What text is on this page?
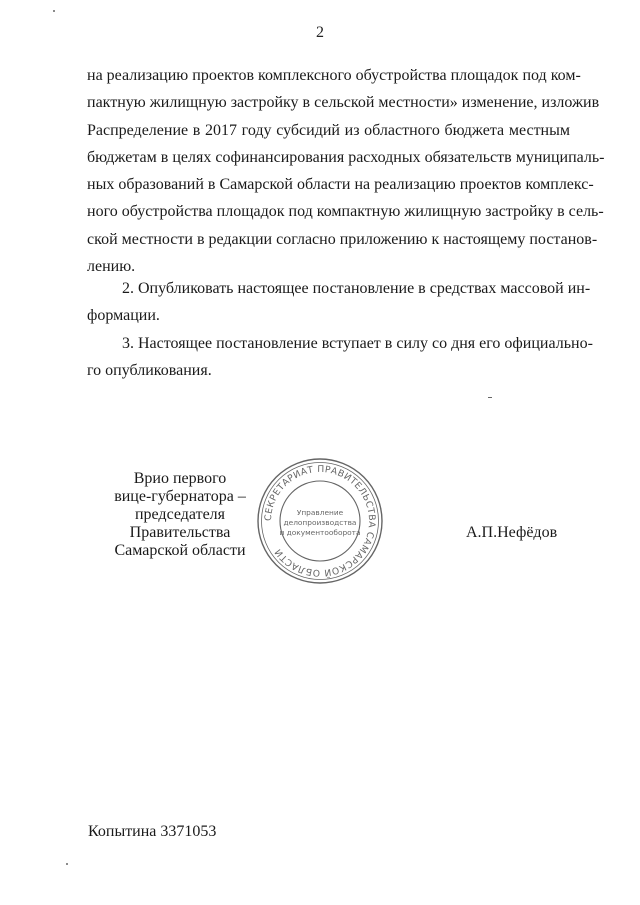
2
на реализацию проектов комплексного обустройства площадок под ком-
пактную жилищную застройку в сельской местности» изменение, изложив
Распределение в 2017 году субсидий из областного бюджета местным
бюджетам в целях софинансирования расходных обязательств муниципаль-
ных образований в Самарской области на реализацию проектов комплекс-
ного обустройства площадок под компактную жилищную застройку в сель-
ской местности в редакции согласно приложению к настоящему постанов-
лению.
2. Опубликовать настоящее постановление в средствах массовой ин-
формации.
3. Настоящее постановление вступает в силу со дня его официально-
го опубликования.
Врио первого
вице-губернатора –
председателя Правительства
Самарской области
СЕКРЕТАРИАТ ПРАВИТЕЛЬСТВА САМАРСКОЙ ОБЛАСТИ
Управление
делопроизводства
и документооборота	А.П.Нефёдов
Копытина 3371053
